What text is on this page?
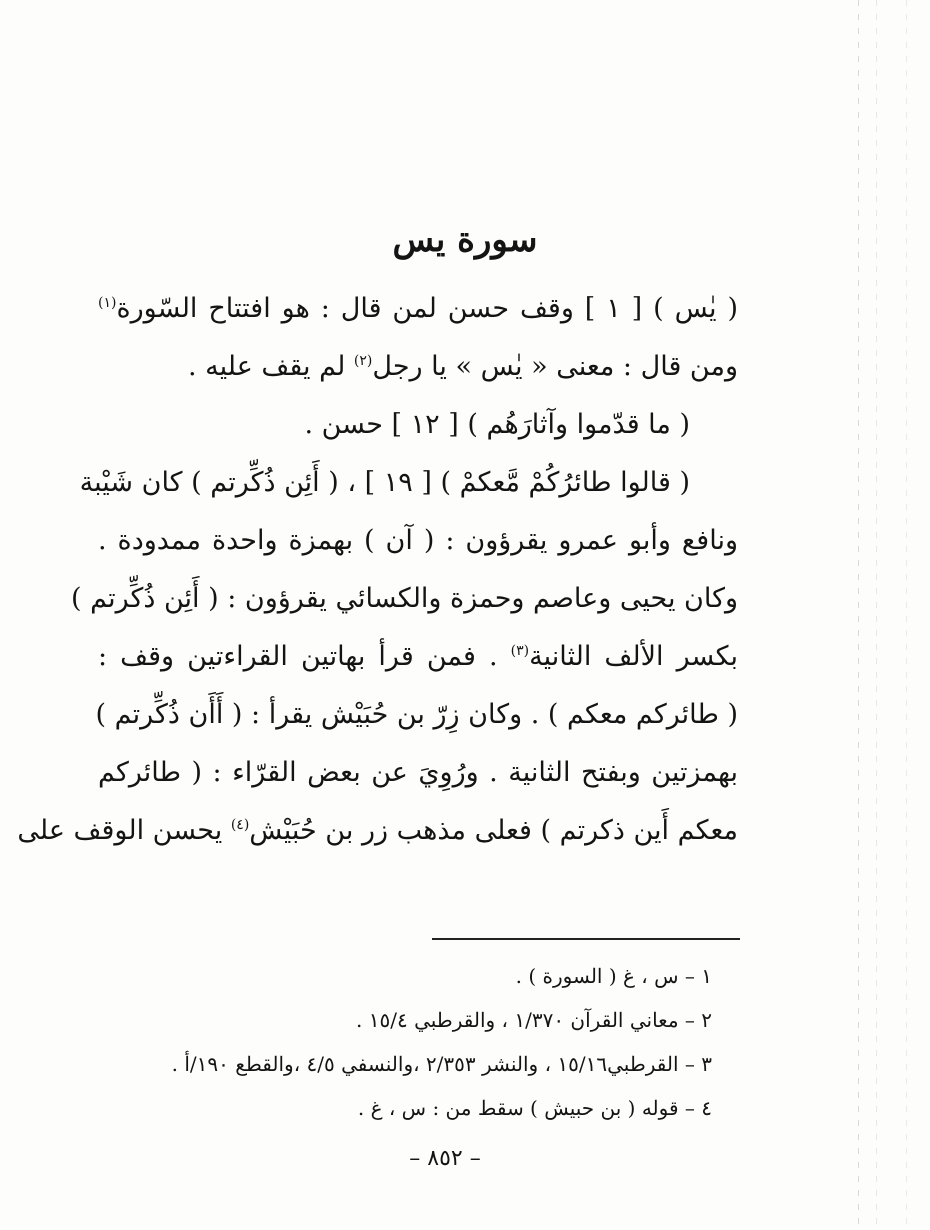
سورة يس
( يٰس ) [ ١ ] وقف حسن لمن قال : هو افتتاح السّورة$^{(١)}$
ومن قال : معنى « يٰس » يا رجل$^{(٢)}$ لم يقف عليه .
( ما قدّموا وآثارَهُم ) [ ١٢ ] حسن .
( قالوا طائرُكُمْ مَّعكمْ ) [ ١٩ ] ، ( أَئِن ذُكِّرتم ) كان شَيْبة
ونافع وأبو عمرو يقرؤون : ( آن ) بهمزة واحدة ممدودة .
وكان يحيى وعاصم وحمزة والكسائي يقرؤون : ( أَئِن ذُكِّرتم )
بكسر الألف الثانية$^{(٣)}$ . فمن قرأ بهاتين القراءتين وقف :
( طائركم معكم ) . وكان زِرّ بن حُبَيْش يقرأ : ( أَأَن ذُكِّرتم )
بهمزتين وبفتح الثانية . ورُوِيَ عن بعض القرّاء : ( طائركم
معكم أَين ذكرتم ) فعلى مذهب زر بن حُبَيْش$^{(٤)}$ يحسن الوقف على
١ – س ، غ ( السورة ) .
٢ – معاني القرآن ١/٣٧٠ ، والقرطبي ١٥/٤ .
٣ – القرطبي١٥/١٦ ، والنشر ٢/٣٥٣ ،والنسفي ٤/٥ ،والقطع ١٩٠/أ .
٤ – قوله ( بن حبيش ) سقط من : س ، غ .
– ٨٥٢ –
